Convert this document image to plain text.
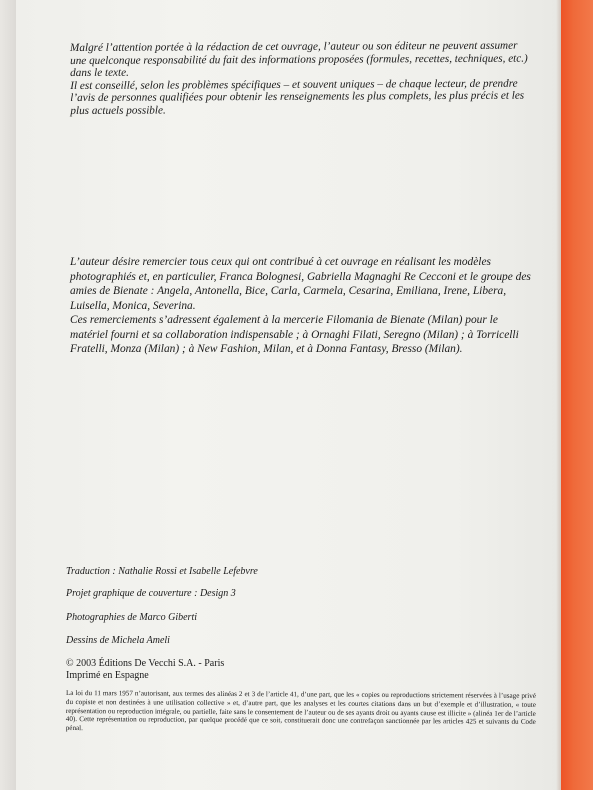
Malgré l’attention portée à la rédaction de cet ouvrage, l’auteur ou son éditeur ne peuvent assumer une quelconque responsabilité du fait des informations proposées (formules, recettes, techniques, etc.) dans le texte.

Il est conseillé, selon les problèmes spécifiques – et souvent uniques – de chaque lecteur, de prendre l’avis de personnes qualifiées pour obtenir les renseignements les plus complets, les plus précis et les plus actuels possible.

L’auteur désire remercier tous ceux qui ont contribué à cet ouvrage en réalisant les modèles photographiés et, en particulier, Franca Bolognesi, Gabriella Magnaghi Re Cecconi et le groupe des amies de Bienate : Angela, Antonella, Bice, Carla, Carmela, Cesarina, Emiliana, Irene, Libera, Luisella, Monica, Severina.

Ces remerciements s’adressent également à la mercerie Filomania de Bienate (Milan) pour le matériel fourni et sa collaboration indispensable ; à Ornaghi Filati, Seregno (Milan) ; à Torricelli Fratelli, Monza (Milan) ; à New Fashion, Milan, et à Donna Fantasy, Bresso (Milan).

Traduction : Nathalie Rossi et Isabelle Lefebvre
Projet graphique de couverture : Design 3
Photographies de Marco Giberti
Dessins de Michela Ameli
© 2003 Éditions De Vecchi S.A. - Paris
Imprimé en Espagne
La loi du 11 mars 1957 n’autorisant, aux termes des alinéas 2 et 3 de l’article 41, d’une part, que les « copies ou reproductions strictement réservées à l’usage privé du copiste et non destinées à une utilisation collective » et, d’autre part, que les analyses et les courtes citations dans un but d’exemple et d’illustration, « toute représentation ou reproduction intégrale, ou partielle, faite sans le consentement de l’auteur ou de ses ayants droit ou ayants cause est illicite » (alinéa 1er de l’article 40). Cette représentation ou reproduction, par quelque procédé que ce soit, constituerait donc une contrefaçon sanctionnée par les articles 425 et suivants du Code pénal.
